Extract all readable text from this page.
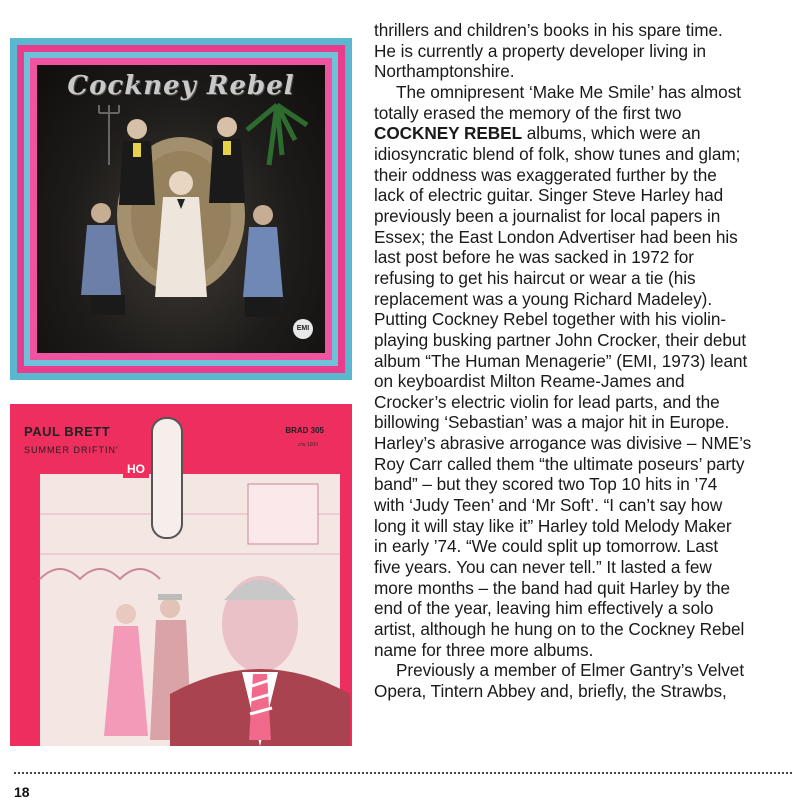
Cockney Rebel
EMI
PAUL BRETT
SUMMER DRIFTIN'
BRAD 305
c/w 1000
HO

thrillers and children’s books in his spare time.
He is currently a property developer living in
Northamptonshire.

The omnipresent ‘Make Me Smile’ has almost
totally erased the memory of the first two
COCKNEY REBEL albums, which were an
idiosyncratic blend of folk, show tunes and glam;
their oddness was exaggerated further by the
lack of electric guitar. Singer Steve Harley had
previously been a journalist for local papers in
Essex; the East London Advertiser had been his
last post before he was sacked in 1972 for
refusing to get his haircut or wear a tie (his
replacement was a young Richard Madeley).
Putting Cockney Rebel together with his violin-
playing busking partner John Crocker, their debut
album “The Human Menagerie” (EMI, 1973) leant
on keyboardist Milton Reame-James and
Crocker’s electric violin for lead parts, and the
billowing ‘Sebastian’ was a major hit in Europe.
Harley’s abrasive arrogance was divisive – NME’s
Roy Carr called them “the ultimate poseurs’ party
band” – but they scored two Top 10 hits in ’74
with ‘Judy Teen’ and ‘Mr Soft’. “I can’t say how
long it will stay like it” Harley told Melody Maker
in early ’74. “We could split up tomorrow. Last
five years. You can never tell.” It lasted a few
more months – the band had quit Harley by the
end of the year, leaving him effectively a solo
artist, although he hung on to the Cockney Rebel
name for three more albums.

Previously a member of Elmer Gantry’s Velvet
Opera, Tintern Abbey and, briefly, the Strawbs,

18
